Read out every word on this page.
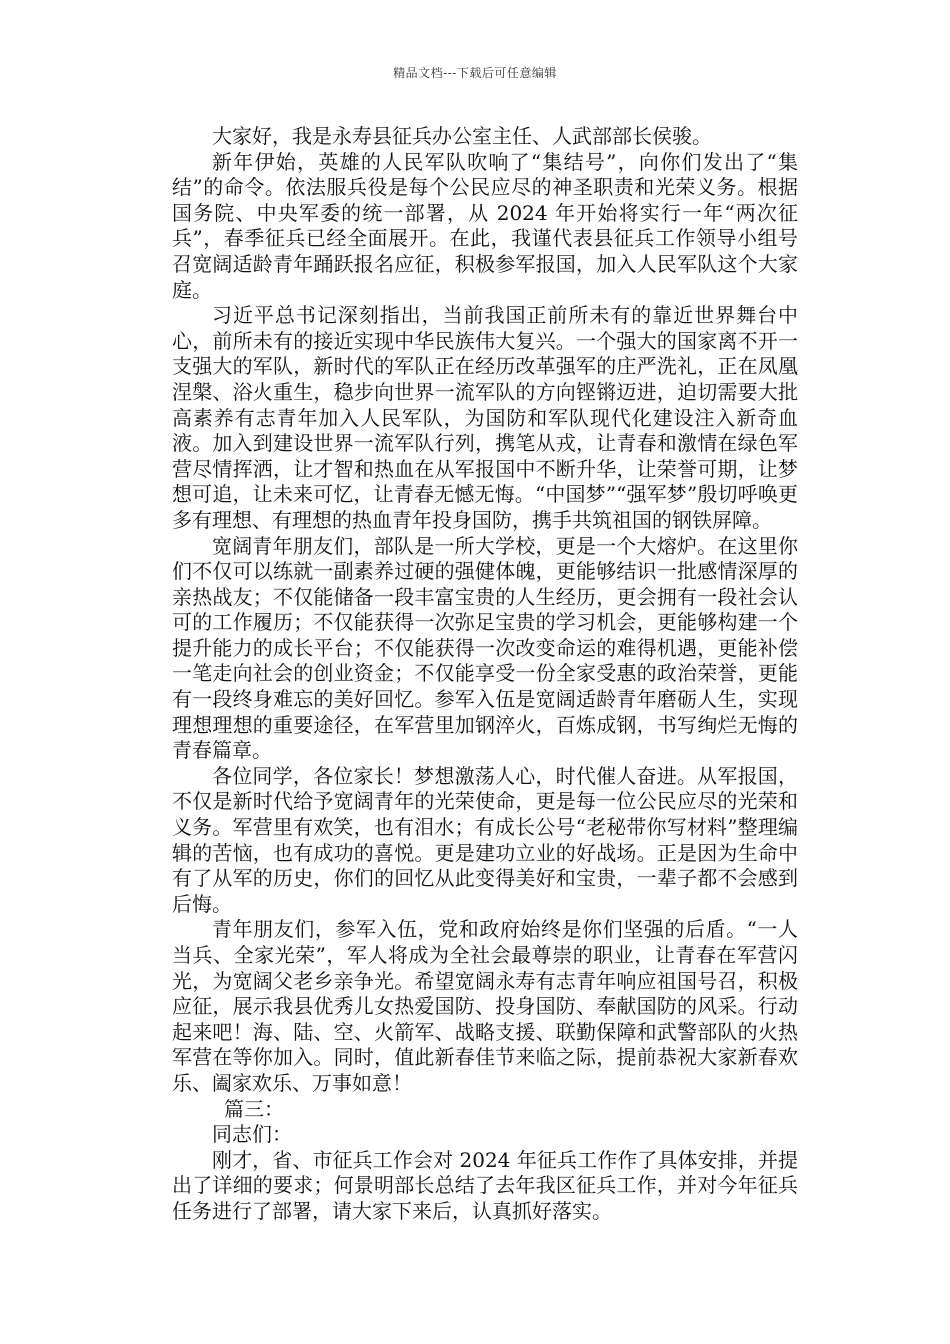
精品文档---下载后可任意编辑

大家好，我是永寿县征兵办公室主任、人武部部长侯骏。

新年伊始，英雄的人民军队吹响了“集结号”，向你们发出了“集结”的命令。依法服兵役是每个公民应尽的神圣职责和光荣义务。根据国务院、中央军委的统一部署，从 2024 年开始将实行一年“两次征兵”，春季征兵已经全面展开。在此，我谨代表县征兵工作领导小组号召宽阔适龄青年踊跃报名应征，积极参军报国，加入人民军队这个大家庭。

习近平总书记深刻指出，当前我国正前所未有的靠近世界舞台中心，前所未有的接近实现中华民族伟大复兴。一个强大的国家离不开一支强大的军队，新时代的军队正在经历改革强军的庄严洗礼，正在凤凰涅槃、浴火重生，稳步向世界一流军队的方向铿锵迈进，迫切需要大批高素养有志青年加入人民军队，为国防和军队现代化建设注入新奇血液。加入到建设世界一流军队行列，携笔从戎，让青春和激情在绿色军营尽情挥洒，让才智和热血在从军报国中不断升华，让荣誉可期，让梦想可追，让未来可忆，让青春无憾无悔。“中国梦”“强军梦”殷切呼唤更多有理想、有理想的热血青年投身国防，携手共筑祖国的钢铁屏障。

宽阔青年朋友们，部队是一所大学校，更是一个大熔炉。在这里你们不仅可以练就一副素养过硬的强健体魄，更能够结识一批感情深厚的亲热战友；不仅能储备一段丰富宝贵的人生经历，更会拥有一段社会认可的工作履历；不仅能获得一次弥足宝贵的学习机会，更能够构建一个提升能力的成长平台；不仅能获得一次改变命运的难得机遇，更能补偿一笔走向社会的创业资金；不仅能享受一份全家受惠的政治荣誉，更能有一段终身难忘的美好回忆。参军入伍是宽阔适龄青年磨砺人生，实现理想理想的重要途径，在军营里加钢淬火，百炼成钢，书写绚烂无悔的青春篇章。

各位同学，各位家长！梦想激荡人心，时代催人奋进。从军报国，不仅是新时代给予宽阔青年的光荣使命，更是每一位公民应尽的光荣和义务。军营里有欢笑，也有泪水；有成长公号“老秘带你写材料”整理编辑的苦恼，也有成功的喜悦。更是建功立业的好战场。正是因为生命中有了从军的历史，你们的回忆从此变得美好和宝贵，一辈子都不会感到后悔。

青年朋友们，参军入伍，党和政府始终是你们坚强的后盾。“一人当兵、全家光荣”，军人将成为全社会最尊崇的职业，让青春在军营闪光，为宽阔父老乡亲争光。希望宽阔永寿有志青年响应祖国号召，积极应征，展示我县优秀儿女热爱国防、投身国防、奉献国防的风采。行动起来吧！海、陆、空、火箭军、战略支援、联勤保障和武警部队的火热军营在等你加入。同时，值此新春佳节来临之际，提前恭祝大家新春欢乐、阖家欢乐、万事如意！

篇三：

同志们：

刚才，省、市征兵工作会对 2024 年征兵工作作了具体安排，并提出了详细的要求；何景明部长总结了去年我区征兵工作，并对今年征兵任务进行了部署，请大家下来后，认真抓好落实。
